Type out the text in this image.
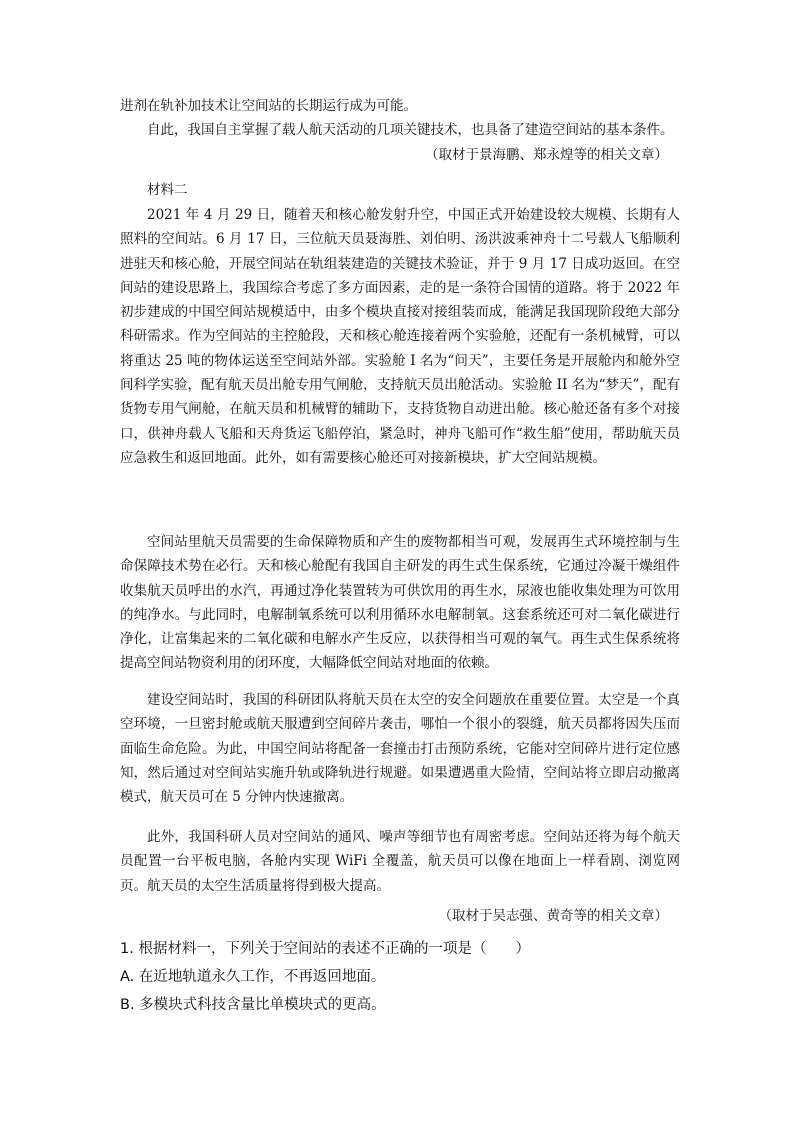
进剂在轨补加技术让空间站的长期运行成为可能。

自此，我国自主掌握了载人航天活动的几项关键技术，也具备了建造空间站的基本条件。

（取材于景海鹏、郑永煌等的相关文章）

材料二

2021 年 4 月 29 日，随着天和核心舱发射升空，中国正式开始建设较大规模、长期有人照料的空间站。6 月 17 日，三位航天员聂海胜、刘伯明、汤洪波乘神舟十二号载人飞船顺利进驻天和核心舱，开展空间站在轨组装建造的关键技术验证，并于 9 月 17 日成功返回。在空间站的建设思路上，我国综合考虑了多方面因素，走的是一条符合国情的道路。将于 2022 年初步建成的中国空间站规模适中，由多个模块直接对接组装而成，能满足我国现阶段绝大部分科研需求。作为空间站的主控舱段，天和核心舱连接着两个实验舱，还配有一条机械臂，可以将重达 25 吨的物体运送至空间站外部。实验舱 I 名为“问天”，主要任务是开展舱内和舱外空间科学实验，配有航天员出舱专用气闸舱，支持航天员出舱活动。实验舱 II 名为“梦天”，配有货物专用气闸舱，在航天员和机械臂的辅助下，支持货物自动进出舱。核心舱还备有多个对接口，供神舟载人飞船和天舟货运飞船停泊，紧急时，神舟飞船可作“救生船”使用，帮助航天员应急救生和返回地面。此外，如有需要核心舱还可对接新模块，扩大空间站规模。

空间站里航天员需要的生命保障物质和产生的废物都相当可观，发展再生式环境控制与生命保障技术势在必行。天和核心舱配有我国自主研发的再生式生保系统，它通过冷凝干燥组件收集航天员呼出的水汽，再通过净化装置转为可供饮用的再生水，尿液也能收集处理为可饮用的纯净水。与此同时，电解制氧系统可以利用循环水电解制氧。这套系统还可对二氧化碳进行净化，让富集起来的二氧化碳和电解水产生反应，以获得相当可观的氧气。再生式生保系统将提高空间站物资利用的闭环度，大幅降低空间站对地面的依赖。

建设空间站时，我国的科研团队将航天员在太空的安全问题放在重要位置。太空是一个真空环境，一旦密封舱或航天服遭到空间碎片袭击，哪怕一个很小的裂缝，航天员都将因失压而面临生命危险。为此，中国空间站将配备一套撞击打击预防系统，它能对空间碎片进行定位感知，然后通过对空间站实施升轨或降轨进行规避。如果遭遇重大险情，空间站将立即启动撤离模式，航天员可在 5 分钟内快速撤离。

此外，我国科研人员对空间站的通风、噪声等细节也有周密考虑。空间站还将为每个航天员配置一台平板电脑，各舱内实现 WiFi 全覆盖，航天员可以像在地面上一样看剧、浏览网页。航天员的太空生活质量将得到极大提高。

（取材于吴志强、黄奇等的相关文章）

1. 根据材料一，下列关于空间站的表述不正确的一项是（　　）

A. 在近地轨道永久工作，不再返回地面。

B. 多模块式科技含量比单模块式的更高。
